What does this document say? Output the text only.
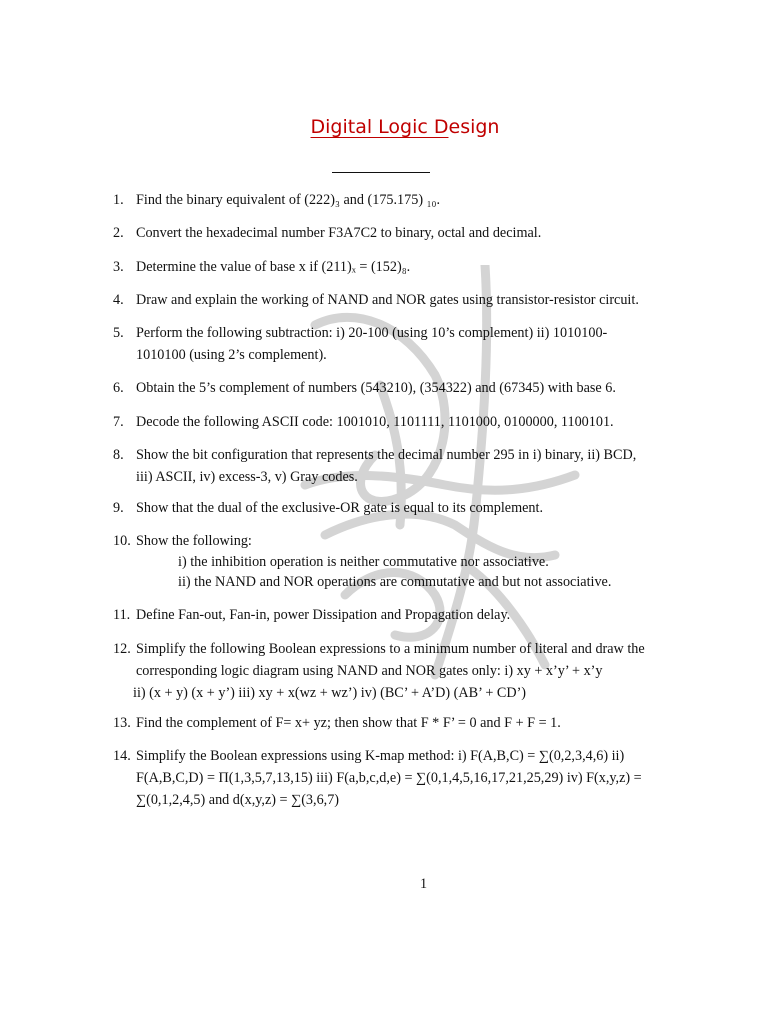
Digital Logic Design
1. Find the binary equivalent of (222)₃ and (175.175) ₁₀.
2. Convert the hexadecimal number F3A7C2 to binary, octal and decimal.
3. Determine the value of base x if (211)ₓ = (152)₈.
4. Draw and explain the working of NAND and NOR gates using transistor-resistor circuit.
5. Perform the following subtraction: i) 20-100 (using 10’s complement) ii) 1010100-
1010100 (using 2’s complement).
6. Obtain the 5’s complement of numbers (543210), (354322) and (67345) with base 6.
7. Decode the following ASCII code: 1001010, 1101111, 1101000, 0100000, 1100101.
8. Show the bit configuration that represents the decimal number 295 in i) binary, ii) BCD,
iii) ASCII, iv) excess-3, v) Gray codes.
9. Show that the dual of the exclusive-OR gate is equal to its complement.
10. Show the following:
i) the inhibition operation is neither commutative nor associative.
ii) the NAND and NOR operations are commutative and but not associative.
11. Define Fan-out, Fan-in, power Dissipation and Propagation delay.
12. Simplify the following Boolean expressions to a minimum number of literal and draw the
corresponding logic diagram using NAND and NOR gates only: i) xy + x’y’ + x’y
ii) (x + y) (x + y’) iii) xy + x(wz + wz’) iv) (BC’ + A’D) (AB’ + CD’)
13. Find the complement of F= x+ yz; then show that F * F’ = 0 and F + F = 1.
14. Simplify the Boolean expressions using K-map method: i) F(A,B,C) = ∑(0,2,3,4,6) ii)
F(A,B,C,D) = Π(1,3,5,7,13,15) iii) F(a,b,c,d,e) = ∑(0,1,4,5,16,17,21,25,29) iv) F(x,y,z) =
∑(0,1,2,4,5) and d(x,y,z) = ∑(3,6,7)
1
